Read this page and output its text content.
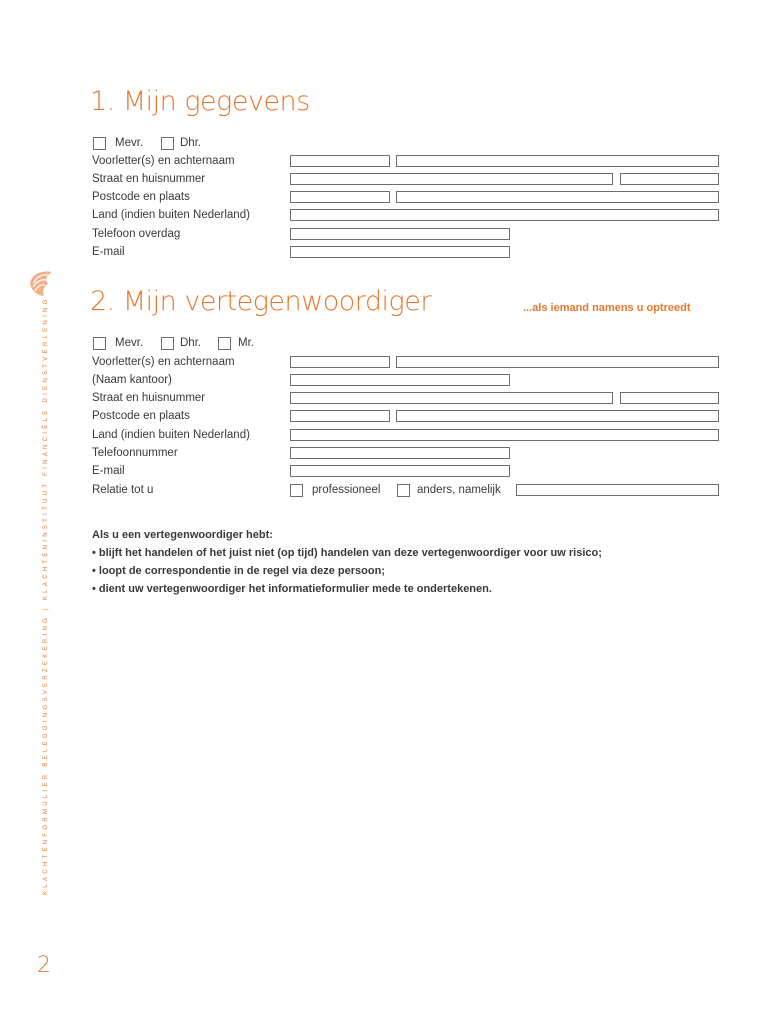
KLACHTENFORMULIER BELEGGINGSVERZEKERING | KLACHTENINSTITUUT FINANCIËLE DIENSTVERLENING
1. Mijn gegevens
Mevr.	Dhr.
Voorletter(s) en achternaam
Straat en huisnummer
Postcode en plaats
Land (indien buiten Nederland)
Telefoon overdag
E-mail
2. Mijn vertegenwoordiger	...als iemand namens u optreedt
Mevr.	Dhr.	Mr.
Voorletter(s) en achternaam
(Naam kantoor)
Straat en huisnummer
Postcode en plaats
Land (indien buiten Nederland)
Telefoonnummer
E-mail
Relatie tot u	professioneel	anders, namelijk
Als u een vertegenwoordiger hebt:
• blijft het handelen of het juist niet (op tijd) handelen van deze vertegenwoordiger voor uw risico;
• loopt de correspondentie in de regel via deze persoon;
• dient uw vertegenwoordiger het informatieformulier mede te ondertekenen.
2
